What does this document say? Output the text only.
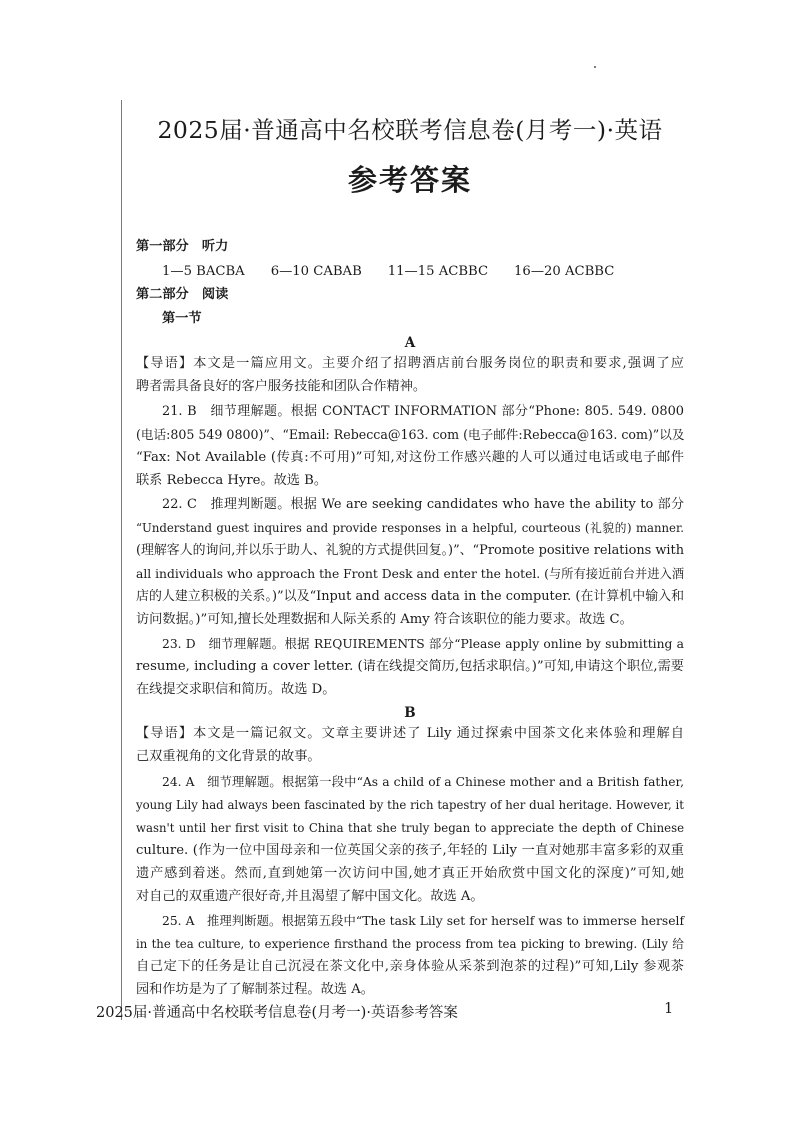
2025届·普通高中名校联考信息卷(月考一)·英语
参考答案
第一部分　听力
1—5 BACBA 6—10 CABAB 11—15 ACBBC 16—20 ACBBC
第二部分　阅读
第一节
A
【导语】本文是一篇应用文。主要介绍了招聘酒店前台服务岗位的职责和要求,强调了应
聘者需具备良好的客户服务技能和团队合作精神。
21. B　细节理解题。根据 CONTACT INFORMATION 部分“Phone: 805. 549. 0800
(电话:805 549 0800)”、“Email: Rebecca@163. com (电子邮件:Rebecca@163. com)”以及
“Fax: Not Available (传真:不可用)”可知,对这份工作感兴趣的人可以通过电话或电子邮件
联系 Rebecca Hyre。故选 B。
22. C　推理判断题。根据 We are seeking candidates who have the ability to 部分
“Understand guest inquires and provide responses in a helpful, courteous (礼貌的) manner.
(理解客人的询问,并以乐于助人、礼貌的方式提供回复。)”、“Promote positive relations with
all individuals who approach the Front Desk and enter the hotel. (与所有接近前台并进入酒
店的人建立积极的关系。)”以及“Input and access data in the computer. (在计算机中输入和
访问数据。)”可知,擅长处理数据和人际关系的 Amy 符合该职位的能力要求。故选 C。
23. D　细节理解题。根据 REQUIREMENTS 部分“Please apply online by submitting a
resume, including a cover letter. (请在线提交简历,包括求职信。)”可知,申请这个职位,需要
在线提交求职信和简历。故选 D。
B
【导语】本文是一篇记叙文。文章主要讲述了 Lily 通过探索中国茶文化来体验和理解自
己双重视角的文化背景的故事。
24. A　细节理解题。根据第一段中“As a child of a Chinese mother and a British father,
young Lily had always been fascinated by the rich tapestry of her dual heritage. However, it
wasn't until her first visit to China that she truly began to appreciate the depth of Chinese
culture. (作为一位中国母亲和一位英国父亲的孩子,年轻的 Lily 一直对她那丰富多彩的双重
遗产感到着迷。然而,直到她第一次访问中国,她才真正开始欣赏中国文化的深度)”可知,她
对自己的双重遗产很好奇,并且渴望了解中国文化。故选 A。
25. A　推理判断题。根据第五段中“The task Lily set for herself was to immerse herself
in the tea culture, to experience firsthand the process from tea picking to brewing. (Lily 给
自己定下的任务是让自己沉浸在茶文化中,亲身体验从采茶到泡茶的过程)”可知,Lily 参观茶
园和作坊是为了了解制茶过程。故选 A。
2025届·普通高中名校联考信息卷(月考一)·英语参考答案	1
